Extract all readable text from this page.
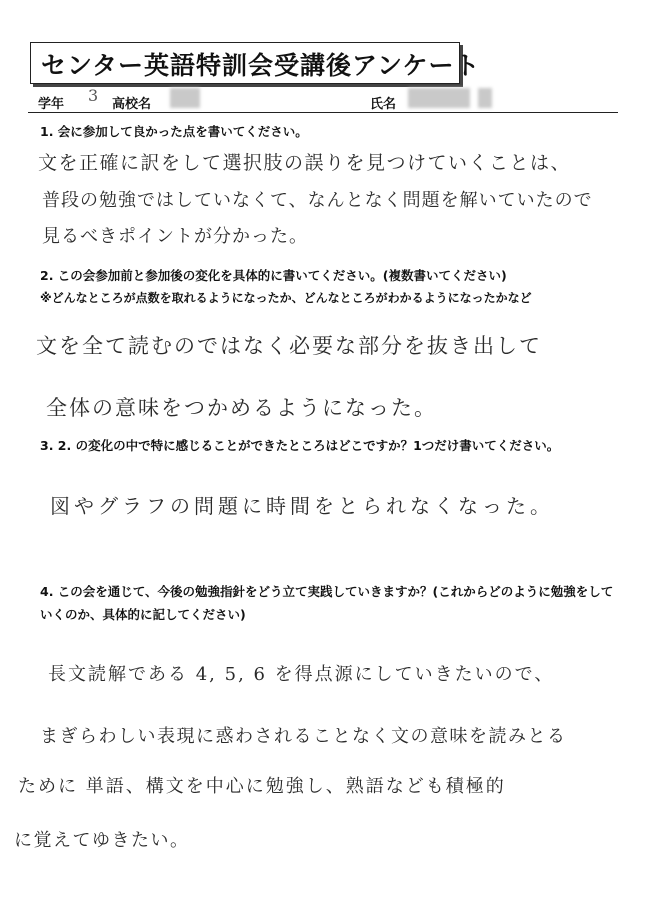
センター英語特訓会受講後アンケート
学年 3 高校名	氏名
1. 会に参加して良かった点を書いてください。
文を正確に訳をして選択肢の誤りを見つけていくことは、
普段の勉強ではしていなくて、なんとなく問題を解いていたので
見るべきポイントが分かった。
2. この会参加前と参加後の変化を具体的に書いてください。(複数書いてください)
※どんなところが点数を取れるようになったか、どんなところがわかるようになったかなど
文を全て読むのではなく必要な部分を抜き出して
全体の意味をつかめるようになった。
3. 2. の変化の中で特に感じることができたところはどこですか？1つだけ書いてください。
図やグラフの問題に時間をとられなくなった。
4. この会を通じて、今後の勉強指針をどう立て実践していきますか？(これからどのように勉強をして
いくのか、具体的に記してください)
長文読解である 4, 5, 6 を得点源にしていきたいので、
まぎらわしい表現に惑わされることなく文の意味を読みとる
ために 単語、構文を中心に勉強し、熟語なども積極的
に覚えてゆきたい。
